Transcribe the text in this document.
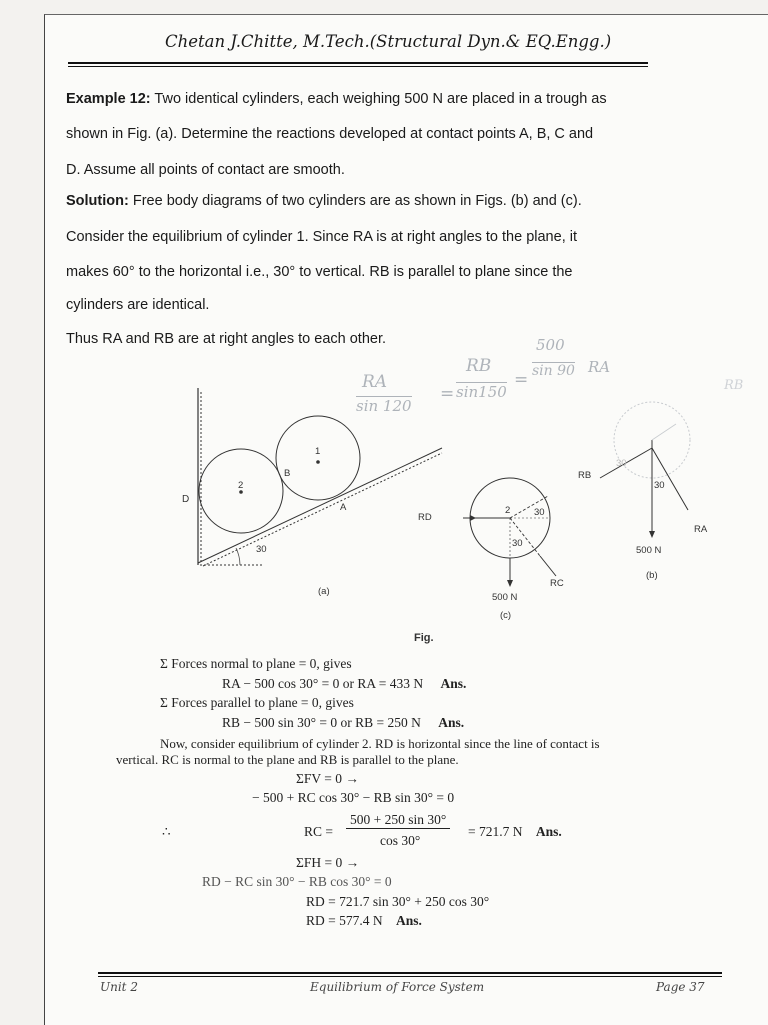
Chetan J.Chitte, M.Tech.(Structural Dyn.& EQ.Engg.)
Example 12: Two identical cylinders, each weighing 500 N are placed in a trough as
shown in Fig. (a). Determine the reactions developed at contact points A, B, C and
D. Assume all points of contact are smooth.
Solution: Free body diagrams of two cylinders are as shown in Figs. (b) and (c).
Consider the equilibrium of cylinder 1. Since RA is at right angles to the plane, it
makes 60° to the horizontal i.e., 30° to vertical. RB is parallel to plane since the
cylinders are identical.
Thus RA and RB are at right angles to each other.
RA
sin 120
=
RB
sin150
=
500
sin 90 RA
RB
D
B
A
1
2
30
(a)
RD
2 30
30
RC
500 N
(c)
RB
30
30
RA
500 N
(b)
Fig.
Σ Forces normal to plane = 0, gives
RA − 500 cos 30° = 0 or RA = 433 N Ans.
Σ Forces parallel to plane = 0, gives
RB − 500 sin 30° = 0 or RB = 250 N Ans.
Now, consider equilibrium of cylinder 2. RD is horizontal since the line of contact is
vertical. RC is normal to the plane and RB is parallel to the plane.
ΣFV = 0 →
− 500 + RC cos 30° − RB sin 30° = 0
∴	RC =
500 + 250 sin 30°
cos 30°
= 721.7 N Ans.
ΣFH = 0 →
RD − RC sin 30° − RB cos 30° = 0
RD = 721.7 sin 30° + 250 cos 30°
RD = 577.4 N Ans.
Unit 2	Equilibrium of Force System	Page 37
